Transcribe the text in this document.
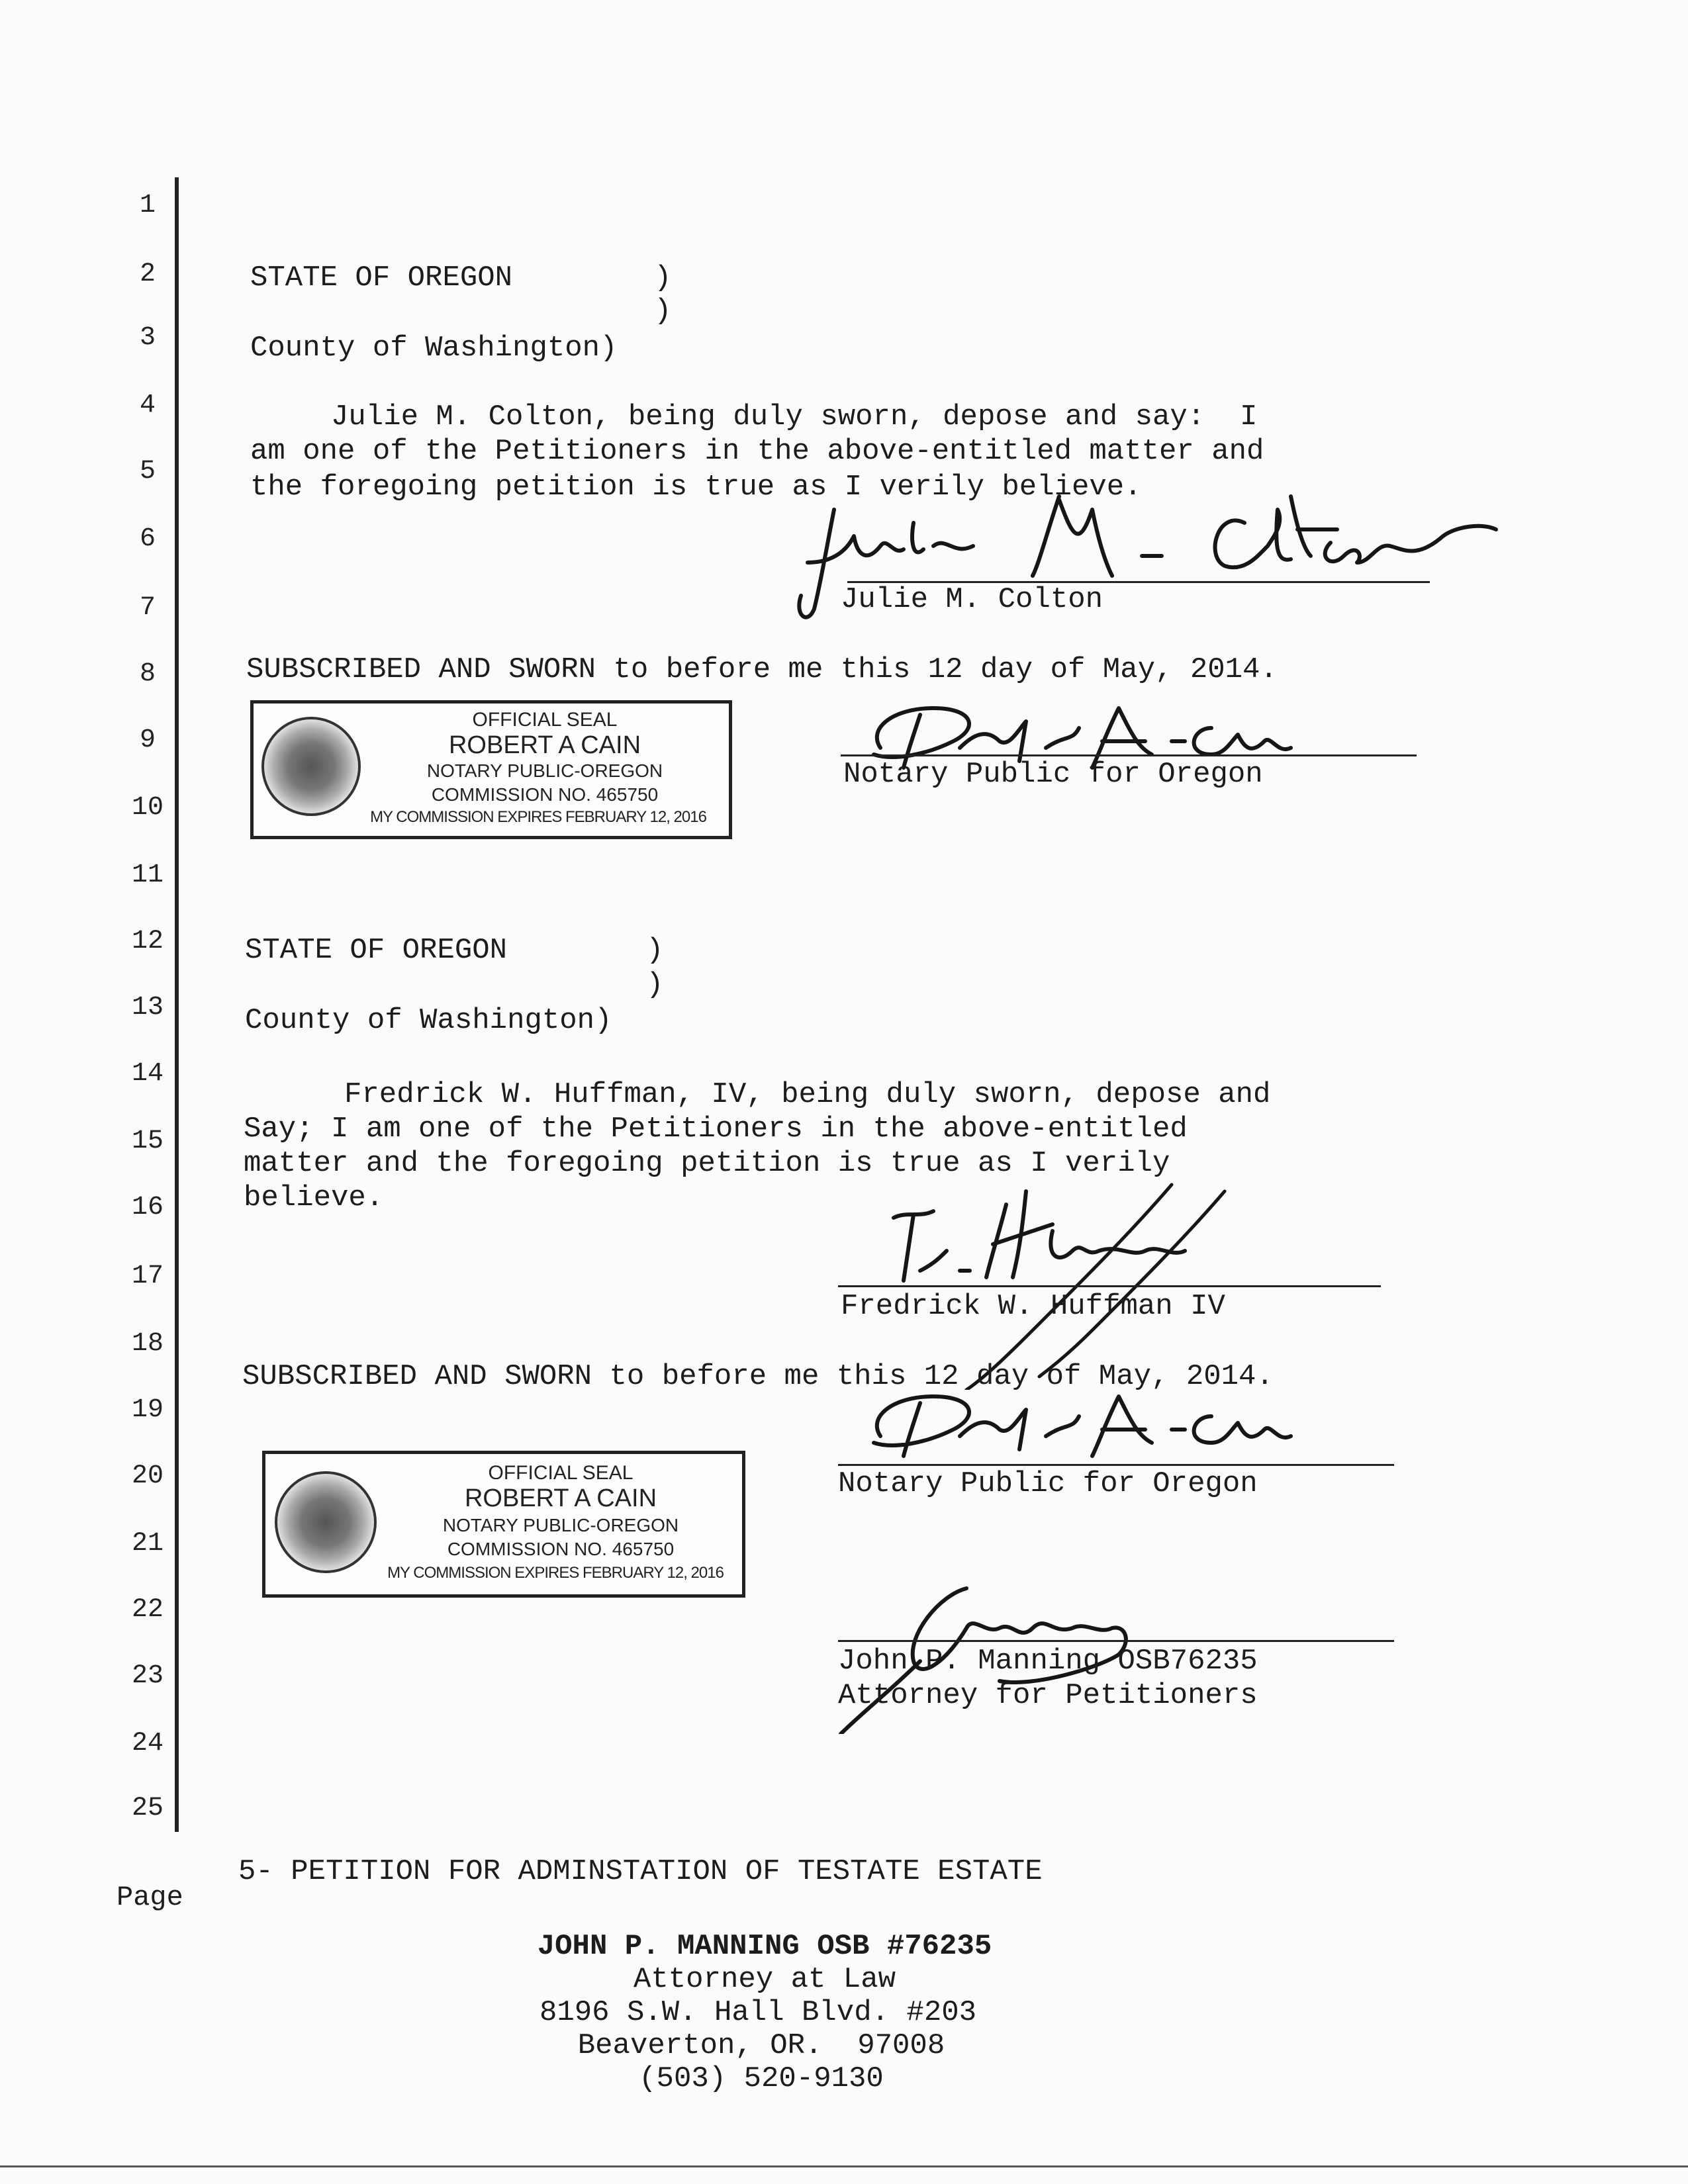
1
2
3
4
5
6
7
8
9
10
11
12
13
14
15
16
17
18
19
20
21
22
23
24
25
STATE OF OREGON	)
)
County of Washington)
Julie M. Colton, being duly sworn, depose and say:  I
am one of the Petitioners in the above-entitled matter and
the foregoing petition is true as I verily believe.
Julie M. Colton
SUBSCRIBED AND SWORN to before me this 12 day of May, 2014.
OFFICIAL SEAL
ROBERT A CAIN
NOTARY PUBLIC-OREGON
COMMISSION NO. 465750
MY COMMISSION EXPIRES FEBRUARY 12, 2016
Notary Public for Oregon
STATE OF OREGON	)
)
County of Washington)
Fredrick W. Huffman, IV, being duly sworn, depose and
Say; I am one of the Petitioners in the above-entitled
matter and the foregoing petition is true as I verily
believe.
Fredrick W. Huffman IV
SUBSCRIBED AND SWORN to before me this 12 day of May, 2014.
Notary Public for Oregon
OFFICIAL SEAL
ROBERT A CAIN
NOTARY PUBLIC-OREGON
COMMISSION NO. 465750
MY COMMISSION EXPIRES FEBRUARY 12, 2016
John P. Manning OSB76235
Attorney for Petitioners
5- PETITION FOR ADMINSTATION OF TESTATE ESTATE
Page
JOHN P. MANNING OSB #76235
Attorney at Law
8196 S.W. Hall Blvd. #203
Beaverton, OR.  97008
(503) 520-9130
